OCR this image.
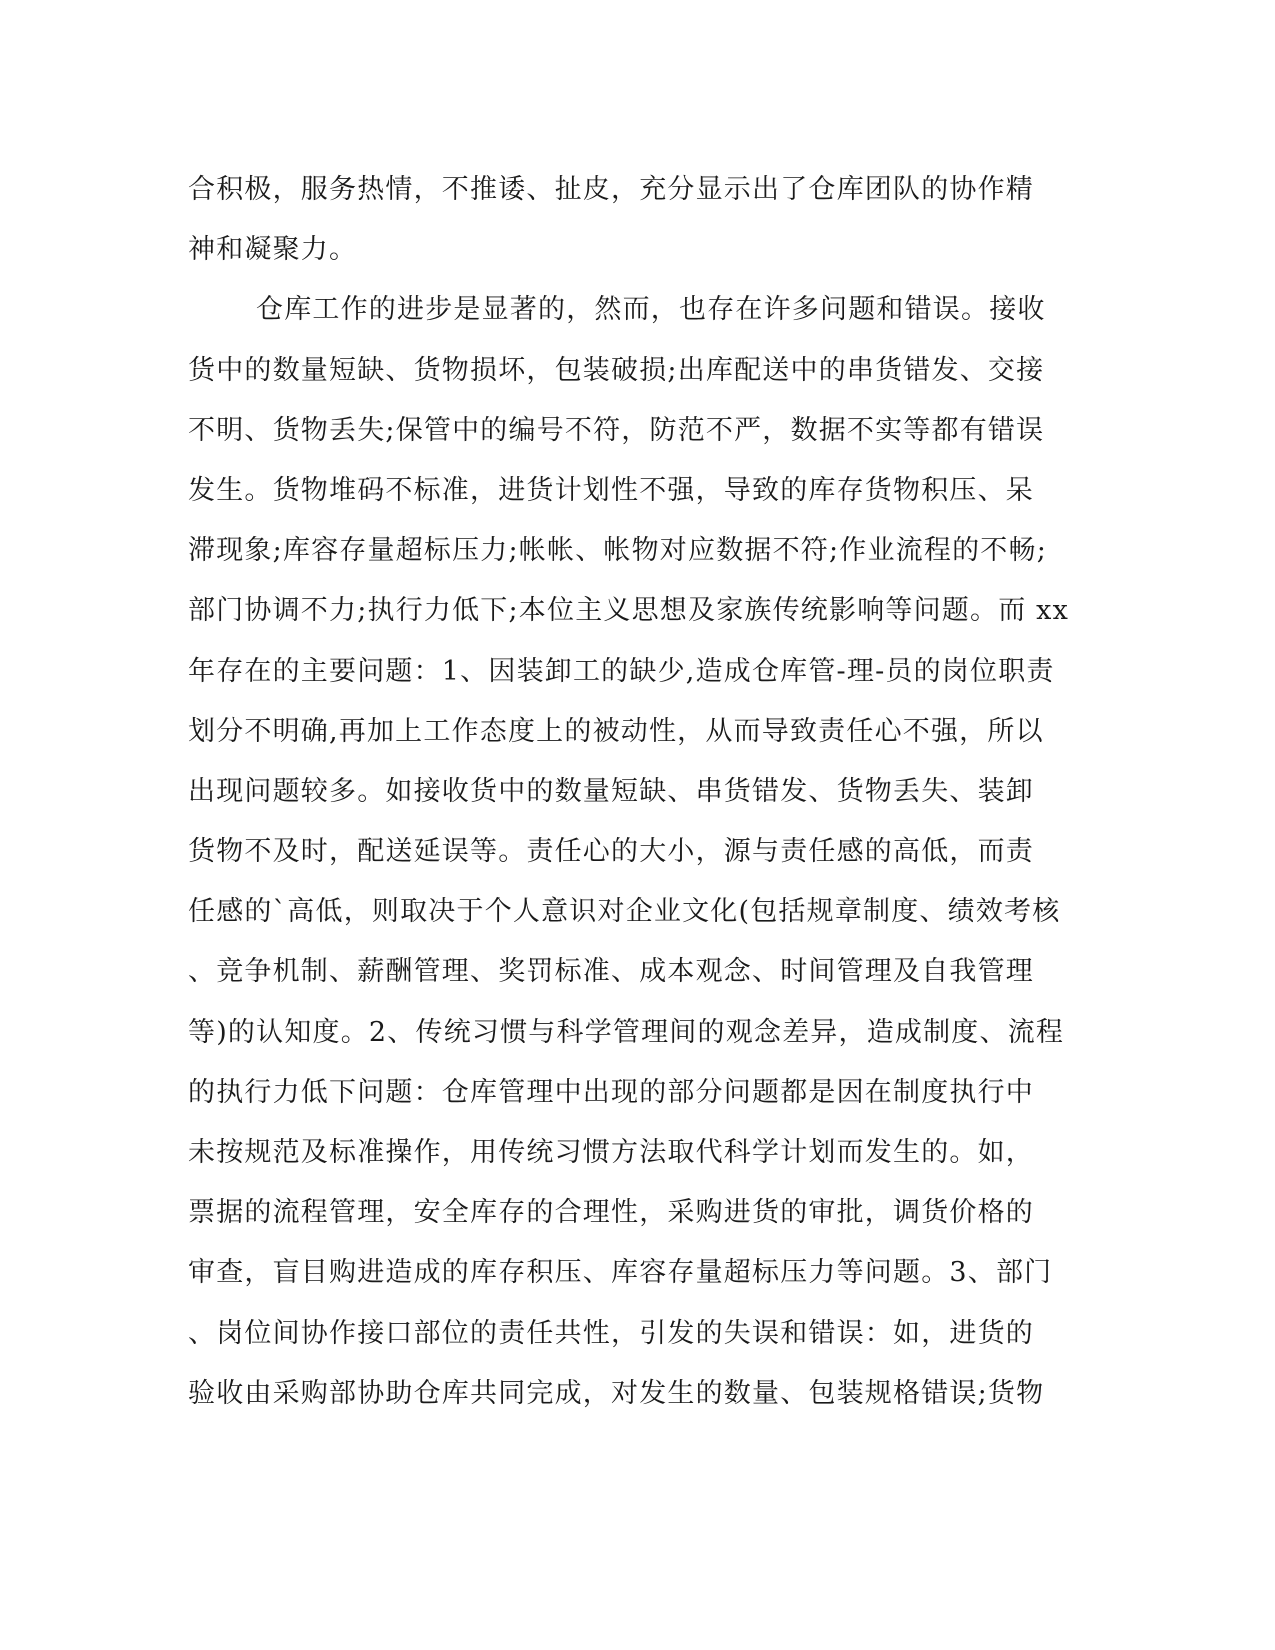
合积极，服务热情，不推诿、扯皮，充分显示出了仓库团队的协作精
神和凝聚力。
仓库工作的进步是显著的，然而，也存在许多问题和错误。接收
货中的数量短缺、货物损坏，包装破损;出库配送中的串货错发、交接
不明、货物丢失;保管中的编号不符，防范不严，数据不实等都有错误
发生。货物堆码不标准，进货计划性不强，导致的库存货物积压、呆
滞现象;库容存量超标压力;帐帐、帐物对应数据不符;作业流程的不畅;
部门协调不力;执行力低下;本位主义思想及家族传统影响等问题。而 xx
年存在的主要问题：1、因装卸工的缺少,造成仓库管-理-员的岗位职责
划分不明确,再加上工作态度上的被动性，从而导致责任心不强，所以
出现问题较多。如接收货中的数量短缺、串货错发、货物丢失、装卸
货物不及时，配送延误等。责任心的大小，源与责任感的高低，而责
任感的`高低，则取决于个人意识对企业文化(包括规章制度、绩效考核
、竞争机制、薪酬管理、奖罚标准、成本观念、时间管理及自我管理
等)的认知度。2、传统习惯与科学管理间的观念差异，造成制度、流程
的执行力低下问题：仓库管理中出现的部分问题都是因在制度执行中
未按规范及标准操作，用传统习惯方法取代科学计划而发生的。如，
票据的流程管理，安全库存的合理性，采购进货的审批，调货价格的
审查，盲目购进造成的库存积压、库容存量超标压力等问题。3、部门
、岗位间协作接口部位的责任共性，引发的失误和错误：如，进货的
验收由采购部协助仓库共同完成，对发生的数量、包装规格错误;货物
